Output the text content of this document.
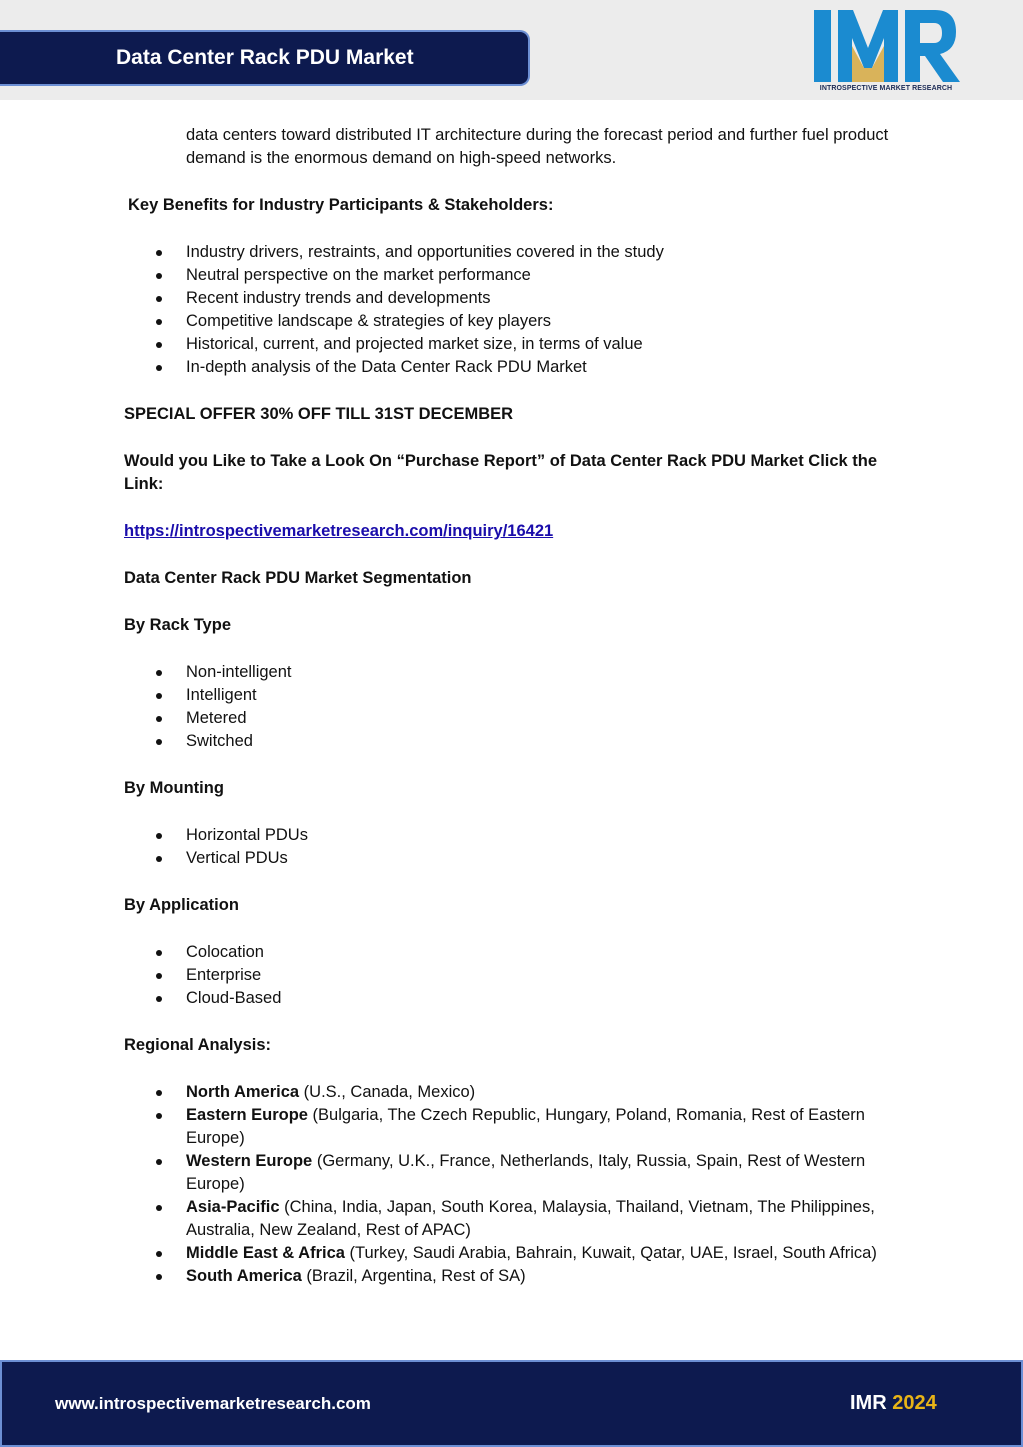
Data Center Rack PDU Market
INTROSPECTIVE MARKET RESEARCH

data centers toward distributed IT architecture during the forecast period and further fuel product demand is the enormous demand on high-speed networks.

Key Benefits for Industry Participants & Stakeholders:

Industry drivers, restraints, and opportunities covered in the study
Neutral perspective on the market performance
Recent industry trends and developments
Competitive landscape & strategies of key players
Historical, current, and projected market size, in terms of value
In-depth analysis of the Data Center Rack PDU Market

SPECIAL OFFER 30% OFF TILL 31ST DECEMBER

Would you Like to Take a Look On “Purchase Report” of Data Center Rack PDU Market Click the Link:

https://introspectivemarketresearch.com/inquiry/16421

Data Center Rack PDU Market Segmentation

By Rack Type

Non-intelligent
Intelligent
Metered
Switched

By Mounting

Horizontal PDUs
Vertical PDUs

By Application

Colocation
Enterprise
Cloud-Based

Regional Analysis:

North America (U.S., Canada, Mexico)
Eastern Europe (Bulgaria, The Czech Republic, Hungary, Poland, Romania, Rest of Eastern Europe)
Western Europe (Germany, U.K., France, Netherlands, Italy, Russia, Spain, Rest of Western Europe)
Asia-Pacific (China, India, Japan, South Korea, Malaysia, Thailand, Vietnam, The Philippines, Australia, New Zealand, Rest of APAC)
Middle East & Africa (Turkey, Saudi Arabia, Bahrain, Kuwait, Qatar, UAE, Israel, South Africa)
South America (Brazil, Argentina, Rest of SA)
www.introspectivemarketresearch.com	IMR 2024
